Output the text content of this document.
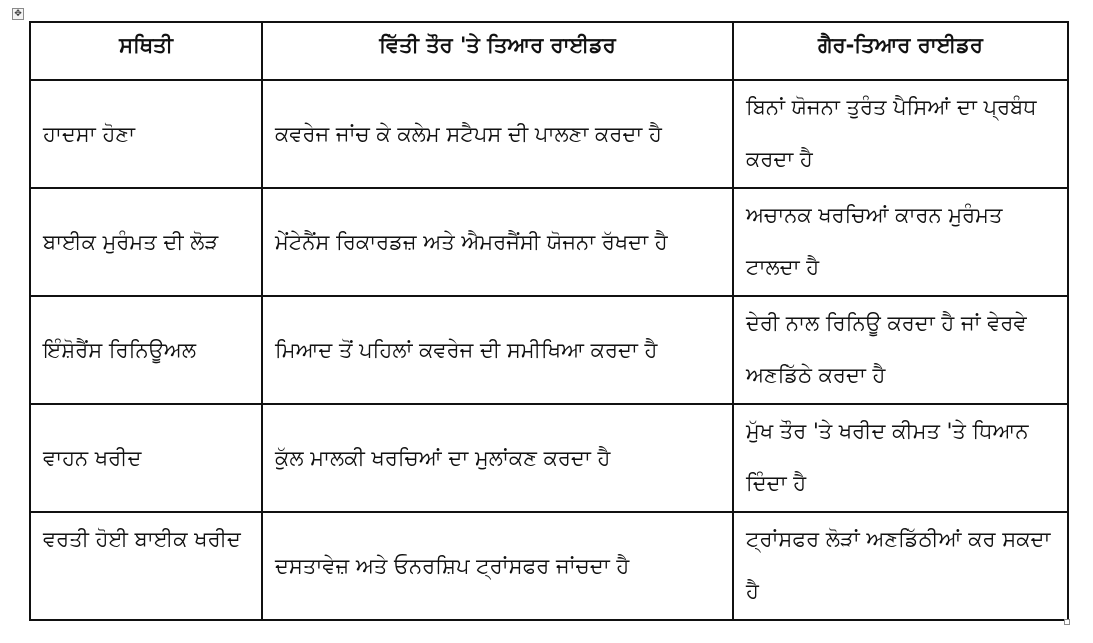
✥
ਸਥਿਤੀ	ਵਿੱਤੀ ਤੌਰ 'ਤੇ ਤਿਆਰ ਰਾਈਡਰ	ਗੈਰ-ਤਿਆਰ ਰਾਈਡਰ
ਹਾਦਸਾ ਹੋਣਾ	ਕਵਰੇਜ ਜਾਂਚ ਕੇ ਕਲੇਮ ਸਟੈਪਸ ਦੀ ਪਾਲਣਾ ਕਰਦਾ ਹੈ	ਬਿਨਾਂ ਯੋਜਨਾ ਤੁਰੰਤ ਪੈਸਿਆਂ ਦਾ ਪ੍ਰਬੰਧ ਕਰਦਾ ਹੈ
ਬਾਈਕ ਮੁਰੰਮਤ ਦੀ ਲੋੜ	ਮੇਂਟੇਨੈਂਸ ਰਿਕਾਰਡਜ਼ ਅਤੇ ਐਮਰਜੈਂਸੀ ਯੋਜਨਾ ਰੱਖਦਾ ਹੈ	ਅਚਾਨਕ ਖਰਚਿਆਂ ਕਾਰਨ ਮੁਰੰਮਤ ਟਾਲਦਾ ਹੈ
ਇੰਸ਼ੋਰੈਂਸ ਰਿਨਿਊਅਲ	ਮਿਆਦ ਤੋਂ ਪਹਿਲਾਂ ਕਵਰੇਜ ਦੀ ਸਮੀਖਿਆ ਕਰਦਾ ਹੈ	ਦੇਰੀ ਨਾਲ ਰਿਨਿਊ ਕਰਦਾ ਹੈ ਜਾਂ ਵੇਰਵੇ ਅਣਡਿੱਠੇ ਕਰਦਾ ਹੈ
ਵਾਹਨ ਖਰੀਦ	ਕੁੱਲ ਮਾਲਕੀ ਖਰਚਿਆਂ ਦਾ ਮੁਲਾਂਕਣ ਕਰਦਾ ਹੈ	ਮੁੱਖ ਤੌਰ 'ਤੇ ਖਰੀਦ ਕੀਮਤ 'ਤੇ ਧਿਆਨ ਦਿੰਦਾ ਹੈ
ਵਰਤੀ ਹੋਈ ਬਾਈਕ ਖਰੀਦ	ਦਸਤਾਵੇਜ਼ ਅਤੇ ਓਨਰਸ਼ਿਪ ਟ੍ਰਾਂਸਫਰ ਜਾਂਚਦਾ ਹੈ	ਟ੍ਰਾਂਸਫਰ ਲੋੜਾਂ ਅਣਡਿੱਠੀਆਂ ਕਰ ਸਕਦਾ ਹੈ
